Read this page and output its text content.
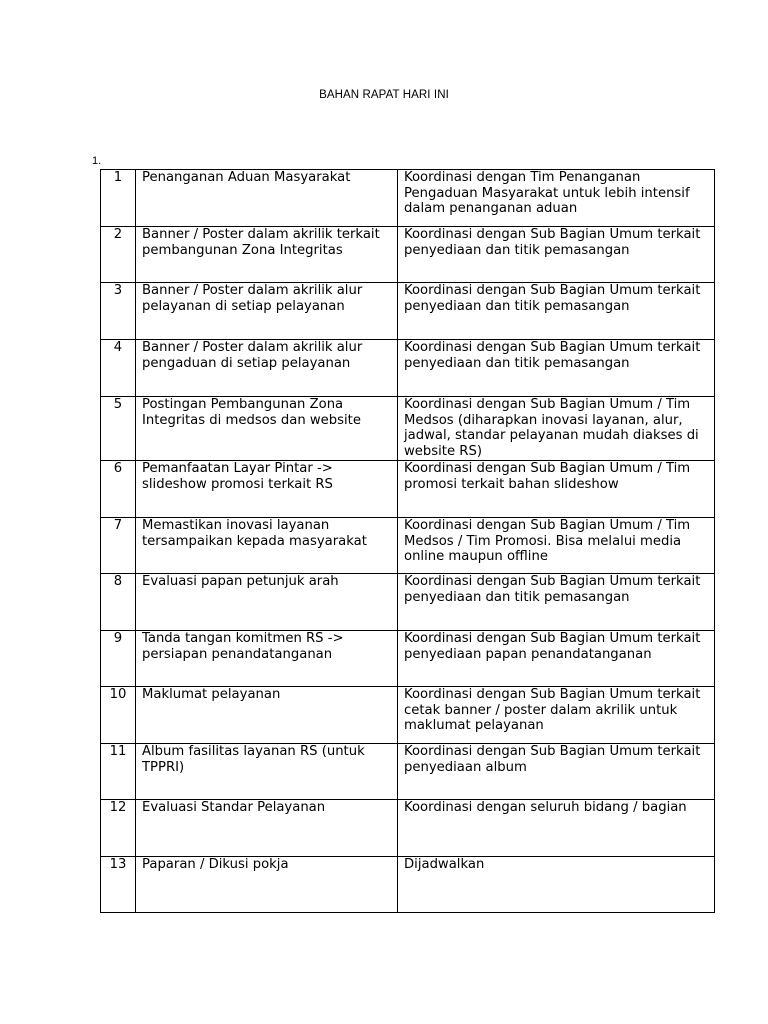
BAHAN RAPAT HARI INI
1.
1	Penanganan Aduan Masyarakat	Koordinasi dengan Tim Penanganan Pengaduan Masyarakat untuk lebih intensif dalam penanganan aduan
2	Banner / Poster dalam akrilik terkait pembangunan Zona Integritas	Koordinasi dengan Sub Bagian Umum terkait penyediaan dan titik pemasangan
3	Banner / Poster dalam akrilik alur pelayanan di setiap pelayanan	Koordinasi dengan Sub Bagian Umum terkait penyediaan dan titik pemasangan
4	Banner / Poster dalam akrilik alur pengaduan di setiap pelayanan	Koordinasi dengan Sub Bagian Umum terkait penyediaan dan titik pemasangan
5	Postingan Pembangunan Zona Integritas di medsos dan website	Koordinasi dengan Sub Bagian Umum / Tim Medsos (diharapkan inovasi layanan, alur, jadwal, standar pelayanan mudah diakses di website RS)
6	Pemanfaatan Layar Pintar -> slideshow promosi terkait RS	Koordinasi dengan Sub Bagian Umum / Tim promosi terkait bahan slideshow
7	Memastikan inovasi layanan tersampaikan kepada masyarakat	Koordinasi dengan Sub Bagian Umum / Tim Medsos / Tim Promosi. Bisa melalui media online maupun offline
8	Evaluasi papan petunjuk arah	Koordinasi dengan Sub Bagian Umum terkait penyediaan dan titik pemasangan
9	Tanda tangan komitmen RS -> persiapan penandatanganan	Koordinasi dengan Sub Bagian Umum terkait penyediaan papan penandatanganan
10	Maklumat pelayanan	Koordinasi dengan Sub Bagian Umum terkait cetak banner / poster dalam akrilik untuk maklumat pelayanan
11	Album fasilitas layanan RS (untuk TPPRI)	Koordinasi dengan Sub Bagian Umum terkait penyediaan album
12	Evaluasi Standar Pelayanan	Koordinasi dengan seluruh bidang / bagian
13	Paparan / Dikusi pokja	Dijadwalkan
